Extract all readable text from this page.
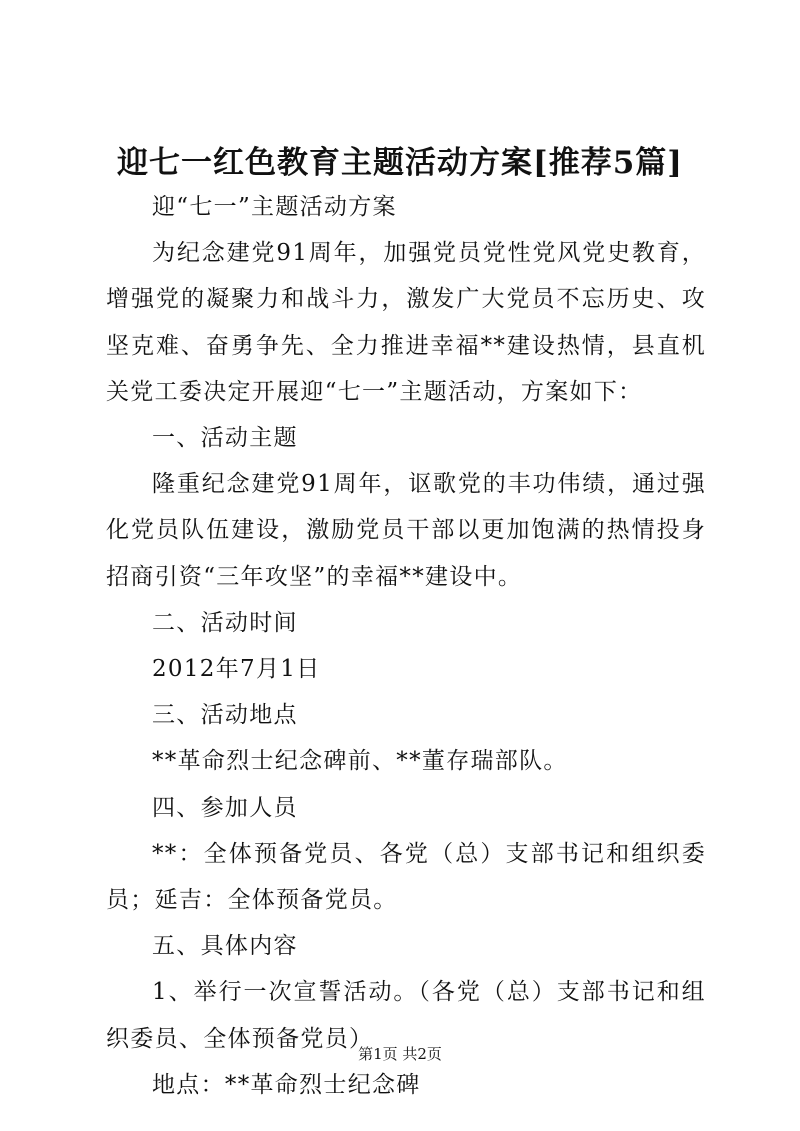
迎七一红色教育主题活动方案[推荐5篇]

迎“七一”主题活动方案

为纪念建党91周年，加强党员党性党风党史教育，增强党的凝聚力和战斗力，激发广大党员不忘历史、攻坚克难、奋勇争先、全力推进幸福**建设热情，县直机关党工委决定开展迎“七一”主题活动，方案如下：

一、活动主题

隆重纪念建党91周年，讴歌党的丰功伟绩，通过强化党员队伍建设，激励党员干部以更加饱满的热情投身招商引资“三年攻坚”的幸福**建设中。

二、活动时间

2012年7月1日

三、活动地点

**革命烈士纪念碑前、**董存瑞部队。

四、参加人员

**：全体预备党员、各党（总）支部书记和组织委员；延吉：全体预备党员。

五、具体内容

1、举行一次宣誓活动。（各党（总）支部书记和组织委员、全体预备党员）

地点：**革命烈士纪念碑

第1页 共2页
